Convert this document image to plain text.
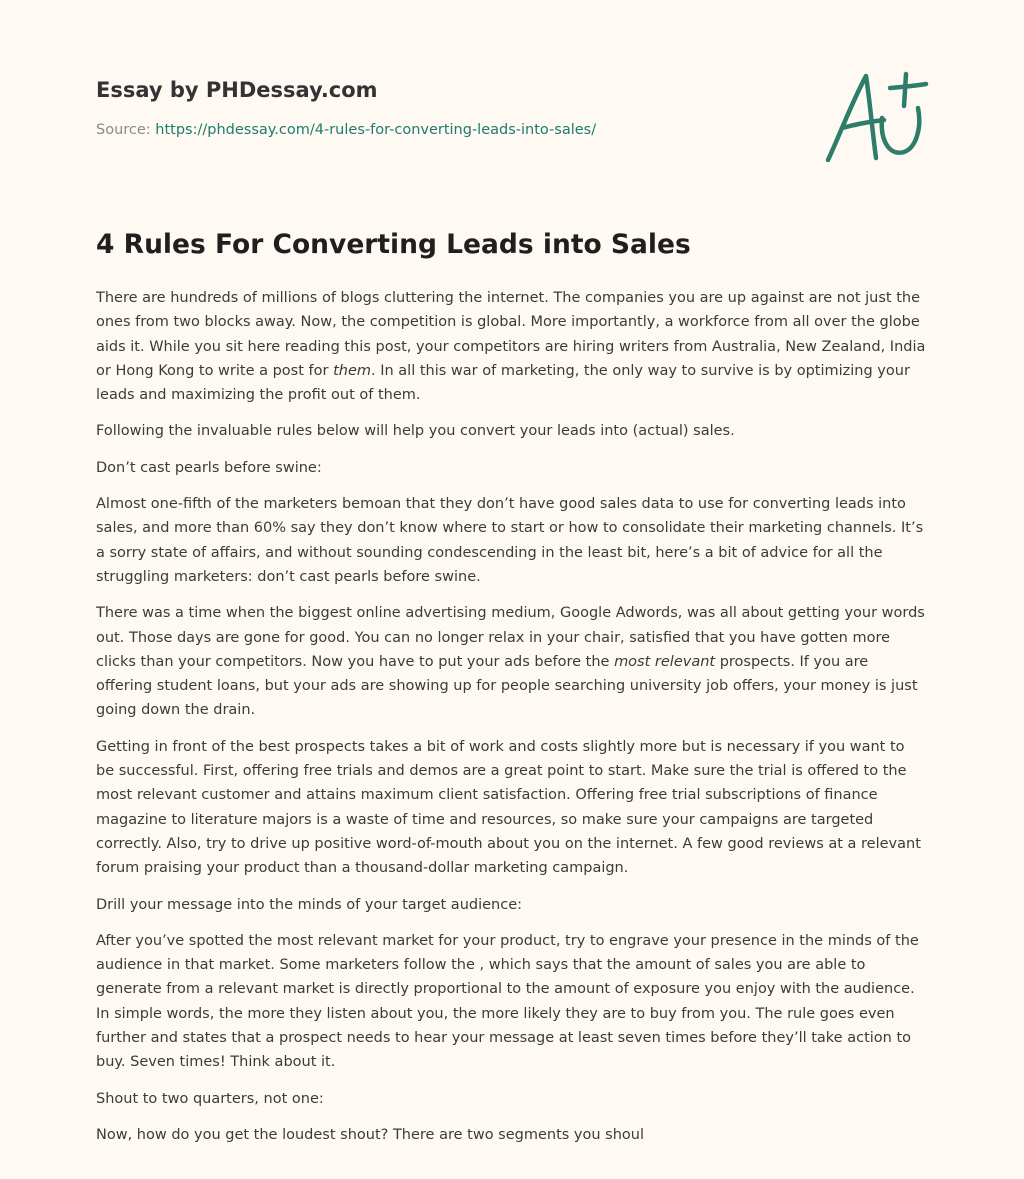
Essay by PHDessay.com
Source: https://phdessay.com/4-rules-for-converting-leads-into-sales/
4 Rules For Converting Leads into Sales

There are hundreds of millions of blogs cluttering the internet. The companies you are up against are not just the ones from two blocks away. Now, the competition is global. More importantly, a workforce from all over the globe aids it. While you sit here reading this post, your competitors are hiring writers from Australia, New Zealand, India or Hong Kong to write a post for them. In all this war of marketing, the only way to survive is by optimizing your leads and maximizing the profit out of them.

Following the invaluable rules below will help you convert your leads into (actual) sales.

Don’t cast pearls before swine:

Almost one-fifth of the marketers bemoan that they don’t have good sales data to use for converting leads into sales, and more than 60% say they don’t know where to start or how to consolidate their marketing channels. It’s a sorry state of affairs, and without sounding condescending in the least bit, here’s a bit of advice for all the struggling marketers: don’t cast pearls before swine.

There was a time when the biggest online advertising medium, Google Adwords, was all about getting your words out. Those days are gone for good. You can no longer relax in your chair, satisfied that you have gotten more clicks than your competitors. Now you have to put your ads before the most relevant prospects. If you are offering student loans, but your ads are showing up for people searching university job offers, your money is just going down the drain.

Getting in front of the best prospects takes a bit of work and costs slightly more but is necessary if you want to be successful. First, offering free trials and demos are a great point to start. Make sure the trial is offered to the most relevant customer and attains maximum client satisfaction. Offering free trial subscriptions of finance magazine to literature majors is a waste of time and resources, so make sure your campaigns are targeted correctly. Also, try to drive up positive word-of-mouth about you on the internet. A few good reviews at a relevant forum praising your product than a thousand-dollar marketing campaign.

Drill your message into the minds of your target audience:

After you’ve spotted the most relevant market for your product, try to engrave your presence in the minds of the audience in that market. Some marketers follow the , which says that the amount of sales you are able to generate from a relevant market is directly proportional to the amount of exposure you enjoy with the audience. In simple words, the more they listen about you, the more likely they are to buy from you. The rule goes even further and states that a prospect needs to hear your message at least seven times before they’ll take action to buy. Seven times! Think about it.

Shout to two quarters, not one:

Now, how do you get the loudest shout? There are two segments you shoul
